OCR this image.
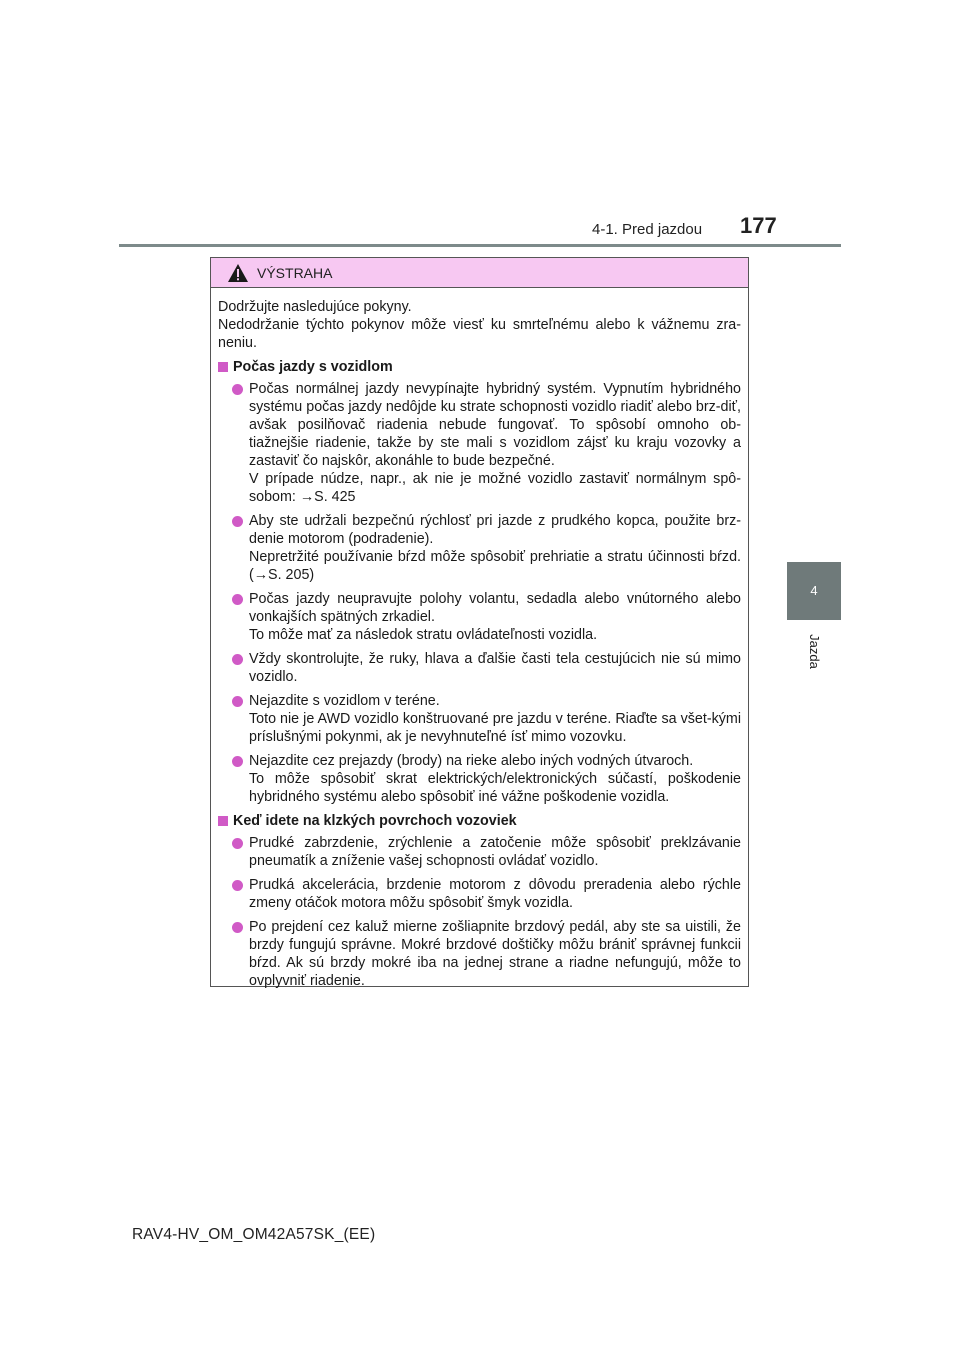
4-1. Pred jazdou 177
4
Jazda
VÝSTRAHA

Dodržujte nasledujúce pokyny.

Nedodržanie týchto pokynov môže viesť ku smrteľnému alebo k vážnemu zra-neniu.

Počas jazdy s vozidlom
Počas normálnej jazdy nevypínajte hybridný systém. Vypnutím hybridného systému počas jazdy nedôjde ku strate schopnosti vozidlo riadiť alebo brz-diť, avšak posilňovač riadenia nebude fungovať. To spôsobí omnoho ob-tiažnejšie riadenie, takže by ste mali s vozidlom zájsť ku kraju vozovky a zastaviť čo najskôr, akonáhle to bude bezpečné.
V prípade núdze, napr., ak nie je možné vozidlo zastaviť normálnym spô-sobom: →S. 425
Aby ste udržali bezpečnú rýchlosť pri jazde z prudkého kopca, použite brz-denie motorom (podradenie).
Nepretržité používanie bŕzd môže spôsobiť prehriatie a stratu účinnosti bŕzd. (→S. 205)
Počas jazdy neupravujte polohy volantu, sedadla alebo vnútorného alebo vonkajších spätných zrkadiel.
To môže mať za následok stratu ovládateľnosti vozidla.
Vždy skontrolujte, že ruky, hlava a ďalšie časti tela cestujúcich nie sú mimo vozidlo.
Nejazdite s vozidlom v teréne.
Toto nie je AWD vozidlo konštruované pre jazdu v teréne. Riaďte sa všet-kými príslušnými pokynmi, ak je nevyhnuteľné ísť mimo vozovku.
Nejazdite cez prejazdy (brody) na rieke alebo iných vodných útvaroch.
To môže spôsobiť skrat elektrických/elektronických súčastí, poškodenie hybridného systému alebo spôsobiť iné vážne poškodenie vozidla.
Keď idete na klzkých povrchoch vozoviek
Prudké zabrzdenie, zrýchlenie a zatočenie môže spôsobiť preklzávanie pneumatík a zníženie vašej schopnosti ovládať vozidlo.
Prudká akcelerácia, brzdenie motorom z dôvodu preradenia alebo rýchle zmeny otáčok motora môžu spôsobiť šmyk vozidla.
Po prejdení cez kaluž mierne zošliapnite brzdový pedál, aby ste sa uistili, že brzdy fungujú správne. Mokré brzdové doštičky môžu brániť správnej funkcii bŕzd. Ak sú brzdy mokré iba na jednej strane a riadne nefungujú, môže to ovplyvniť riadenie.
RAV4-HV_OM_OM42A57SK_(EE)
